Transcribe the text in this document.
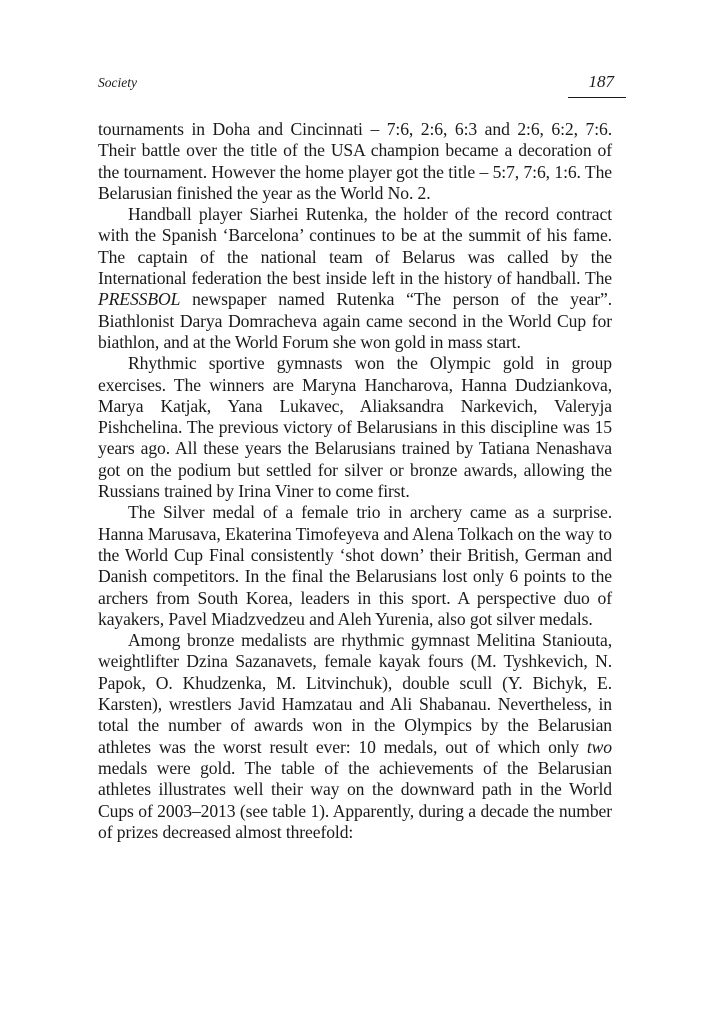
Society	187

tournaments in Doha and Cincinnati – 7:6, 2:6, 6:3 and 2:6, 6:2, 7:6. Their battle over the title of the USA champion became a decoration of the tournament. However the home player got the title – 5:7, 7:6, 1:6. The Belarusian finished the year as the World No. 2.

Handball player Siarhei Rutenka, the holder of the record contract with the Spanish ‘Barcelona’ continues to be at the summit of his fame. The captain of the national team of Belarus was called by the International federation the best inside left in the history of handball. The PRESSBOL newspaper named Rutenka “The person of the year”. Biathlonist Darya Domracheva again came second in the World Cup for biathlon, and at the World Forum she won gold in mass start.

Rhythmic sportive gymnasts won the Olympic gold in group exercises. The winners are Maryna Hancharova, Hanna Dudziankova, Marya Katjak, Yana Lukavec, Aliaksandra Narkevich, Valeryja Pishchelina. The previous victory of Belarusians in this discipline was 15 years ago. All these years the Belarusians trained by Tatiana Nenashava got on the podium but settled for silver or bronze awards, allowing the Russians trained by Irina Viner to come first.

The Silver medal of a female trio in archery came as a surprise. Hanna Marusava, Ekaterina Timofeyeva and Alena Tolkach on the way to the World Cup Final consistently ‘shot down’ their British, German and Danish competitors. In the final the Belarusians lost only 6 points to the archers from South Korea, leaders in this sport. A perspective duo of kayakers, Pavel Miadzvedzeu and Aleh Yurenia, also got silver medals.

Among bronze medalists are rhythmic gymnast Melitina Staniouta, weightlifter Dzina Sazanavets, female kayak fours (M. Tyshkevich, N. Papok, O. Khudzenka, M. Litvinchuk), double scull (Y. Bichyk, E. Karsten), wrestlers Javid Hamzatau and Ali Shabanau. Nevertheless, in total the number of awards won in the Olympics by the Belarusian athletes was the worst result ever: 10 medals, out of which only two medals were gold. The table of the achievements of the Belarusian athletes illustrates well their way on the downward path in the World Cups of 2003–2013 (see table 1). Apparently, during a decade the number of prizes decreased almost threefold:
